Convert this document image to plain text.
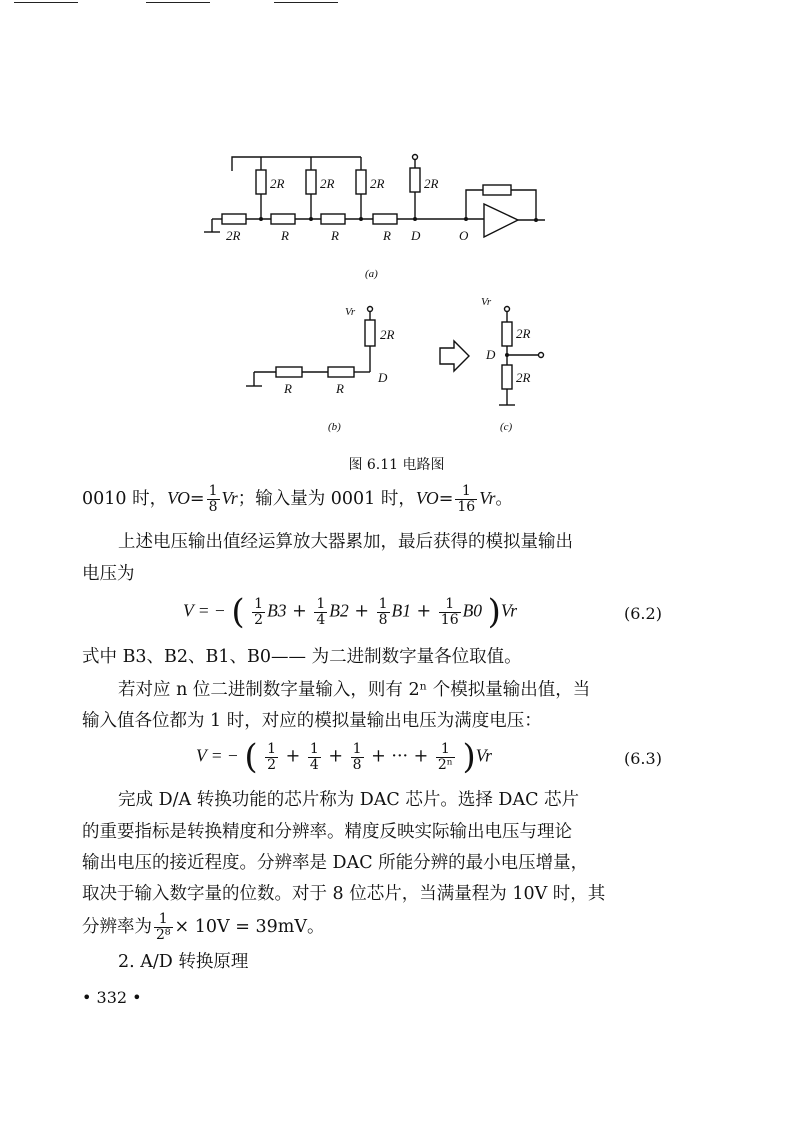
2R	2R	2R	2R
2R	R	R	R D	O
(a)
Vr
2R
R	R
D
(b)
Vr
2R
D
2R
(c)
图 6.11 电路图
0010 时，$VO= \frac{1}{8}$ Vr；输入量为 0001 时，$VO= \frac{1}{16}$ Vr。
上述电压输出值经运算放大器累加，最后获得的模拟量输出
电压为
V = − ( $\frac{1}{2} B3 + \frac{1}{4} B2 + \frac{1}{8} B1 + \frac{1}{16} B0$ )Vr	(6.2)
式中 B3、B2、B1、B0—— 为二进制数字量各位取值。
若对应 n 位二进制数字量输入，则有 2ⁿ 个模拟量输出值，当
输入值各位都为 1 时，对应的模拟量输出电压为满度电压：
V = − ( $\frac{1}{2} + \frac{1}{4} + \frac{1}{8}$ + ··· + $\frac{1}{\text{2ⁿ}} )Vr$	(6.3)
完成 D/A 转换功能的芯片称为 DAC 芯片。选择 DAC 芯片
的重要指标是转换精度和分辨率。精度反映实际输出电压与理论
输出电压的接近程度。分辨率是 DAC 所能分辨的最小电压增量，
取决于输入数字量的位数。对于 8 位芯片，当满量程为 10V 时，其
分辨率为 $\frac{1}{\text{2⁸}} \times 10V = 39mV$。
2. A/D 转换原理
• 332 •
